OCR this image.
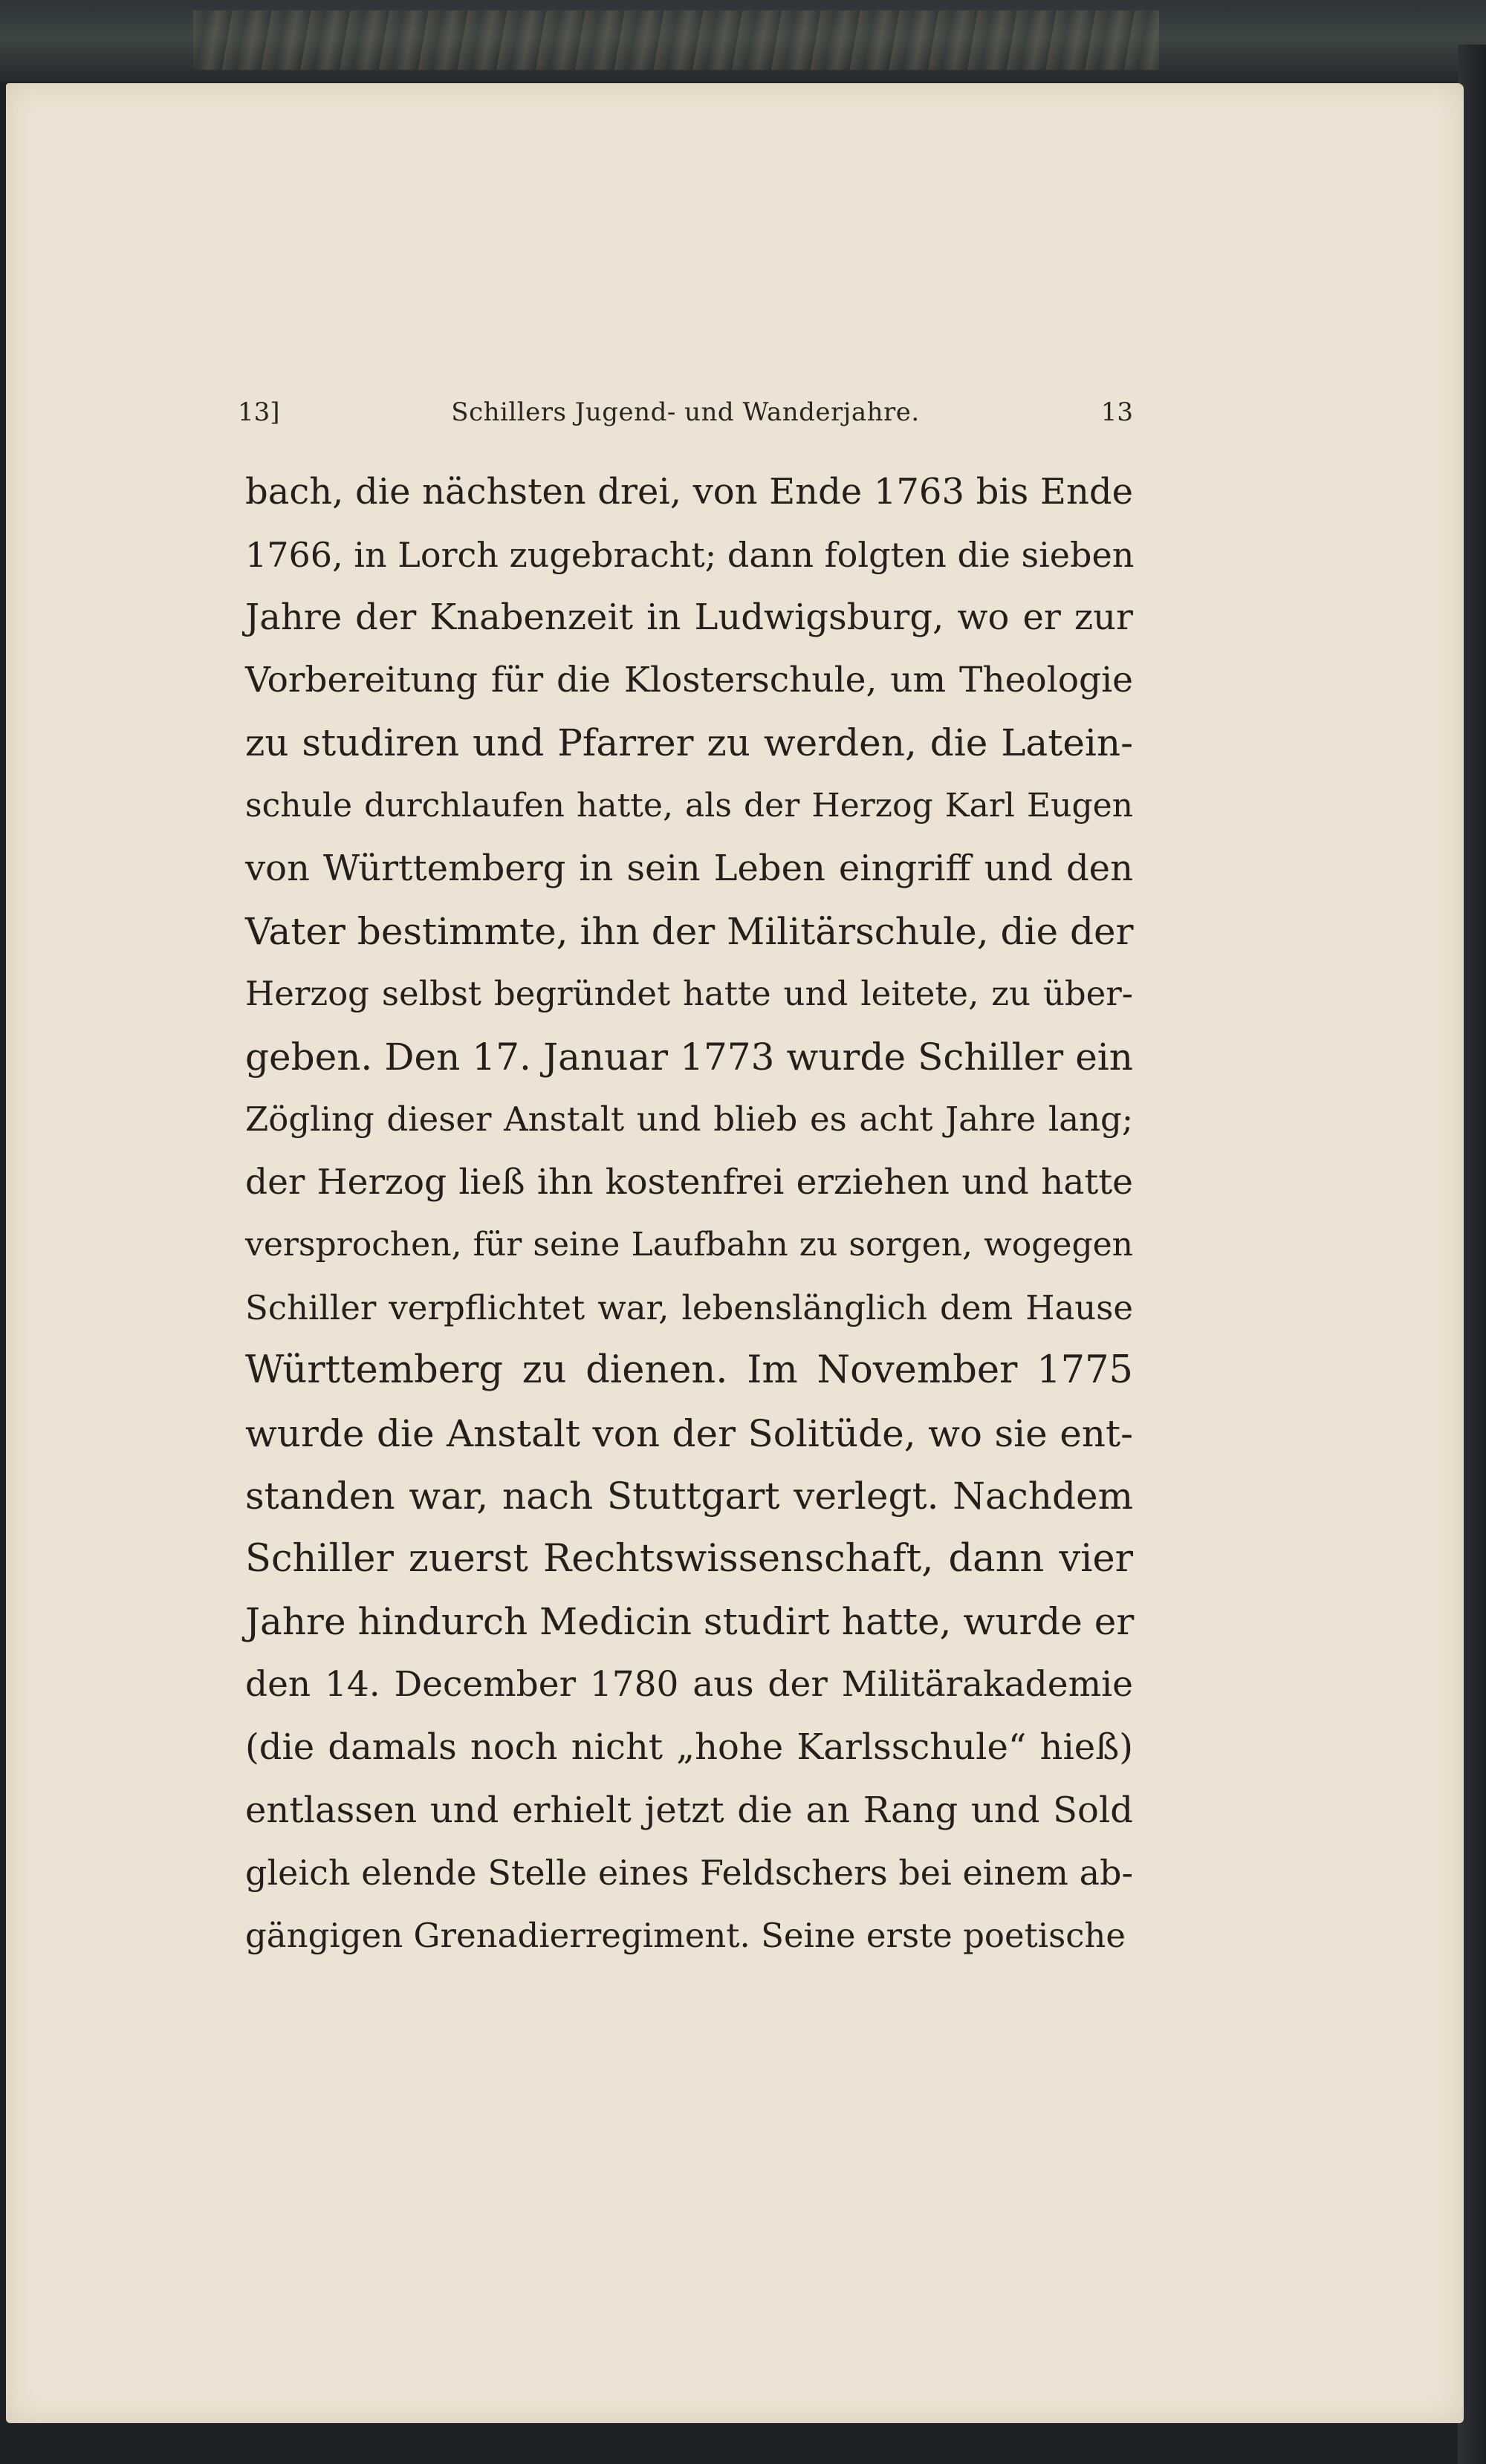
13]	Schillers Jugend- und Wanderjahre.	13
bach, die nächsten drei, von Ende 1763 bis Ende
1766, in Lorch zugebracht; dann folgten die sieben
Jahre der Knabenzeit in Ludwigsburg, wo er zur
Vorbereitung für die Klosterschule, um Theologie
zu studiren und Pfarrer zu werden, die Latein-
schule durchlaufen hatte, als der Herzog Karl Eugen
von Württemberg in sein Leben eingriff und den
Vater bestimmte, ihn der Militärschule, die der
Herzog selbst begründet hatte und leitete, zu über-
geben. Den 17. Januar 1773 wurde Schiller ein
Zögling dieser Anstalt und blieb es acht Jahre lang;
der Herzog ließ ihn kostenfrei erziehen und hatte
versprochen, für seine Laufbahn zu sorgen, wogegen
Schiller verpflichtet war, lebenslänglich dem Hause
Württemberg zu dienen. Im November 1775
wurde die Anstalt von der Solitüde, wo sie ent-
standen war, nach Stuttgart verlegt. Nachdem
Schiller zuerst Rechtswissenschaft, dann vier
Jahre hindurch Medicin studirt hatte, wurde er
den 14. December 1780 aus der Militärakademie
(die damals noch nicht „hohe Karlsschule“ hieß)
entlassen und erhielt jetzt die an Rang und Sold
gleich elende Stelle eines Feldschers bei einem ab-
gängigen Grenadierregiment. Seine erste poetische
